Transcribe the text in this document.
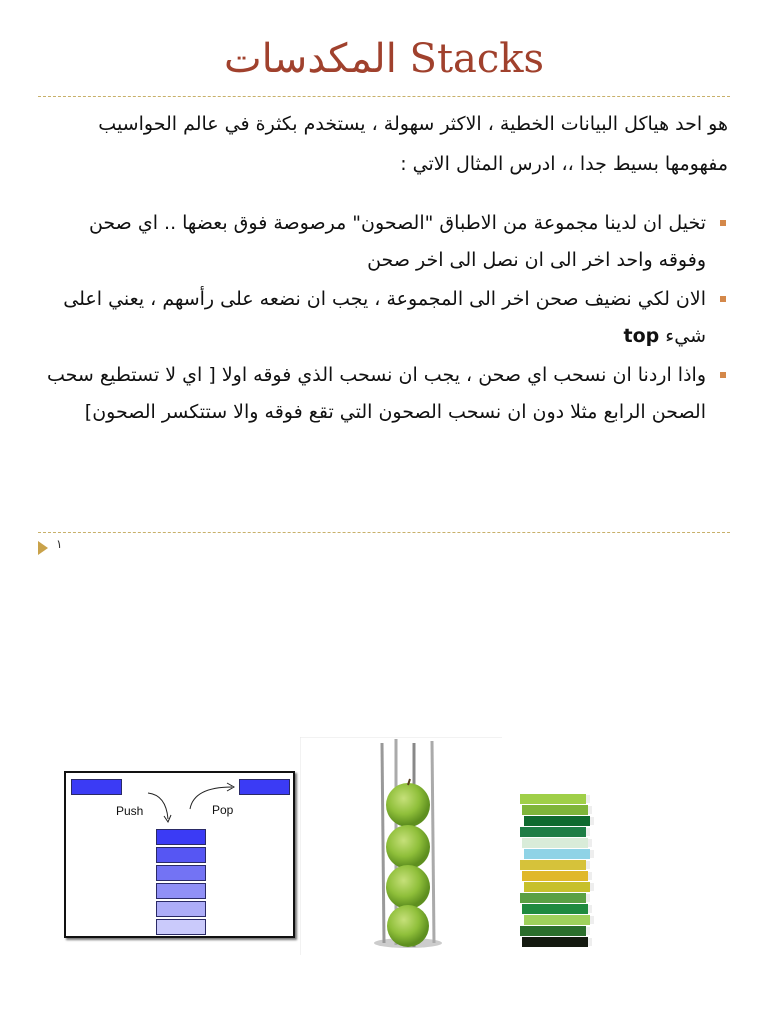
المكدسات Stacks

هو احد هياكل البيانات الخطية ، الاكثر سهولة ، يستخدم بكثرة في عالم الحواسيب

مفهومها بسيط جدا ،، ادرس المثال الاتي :

تخيل ان لدينا مجموعة من الاطباق "الصحون" مرصوصة فوق بعضها .. اي صحن وفوقه واحد اخر الى ان نصل الى اخر صحن
الان لكي نضيف صحن اخر الى المجموعة ، يجب ان نضعه على رأسهم ، يعني اعلى شيء top
واذا اردنا ان نسحب اي صحن ، يجب ان نسحب الذي فوقه اولا [ اي لا تستطيع سحب الصحن الرابع مثلا دون ان نسحب الصحون التي تقع فوقه والا ستتكسر الصحون]
١
Push	Pop
